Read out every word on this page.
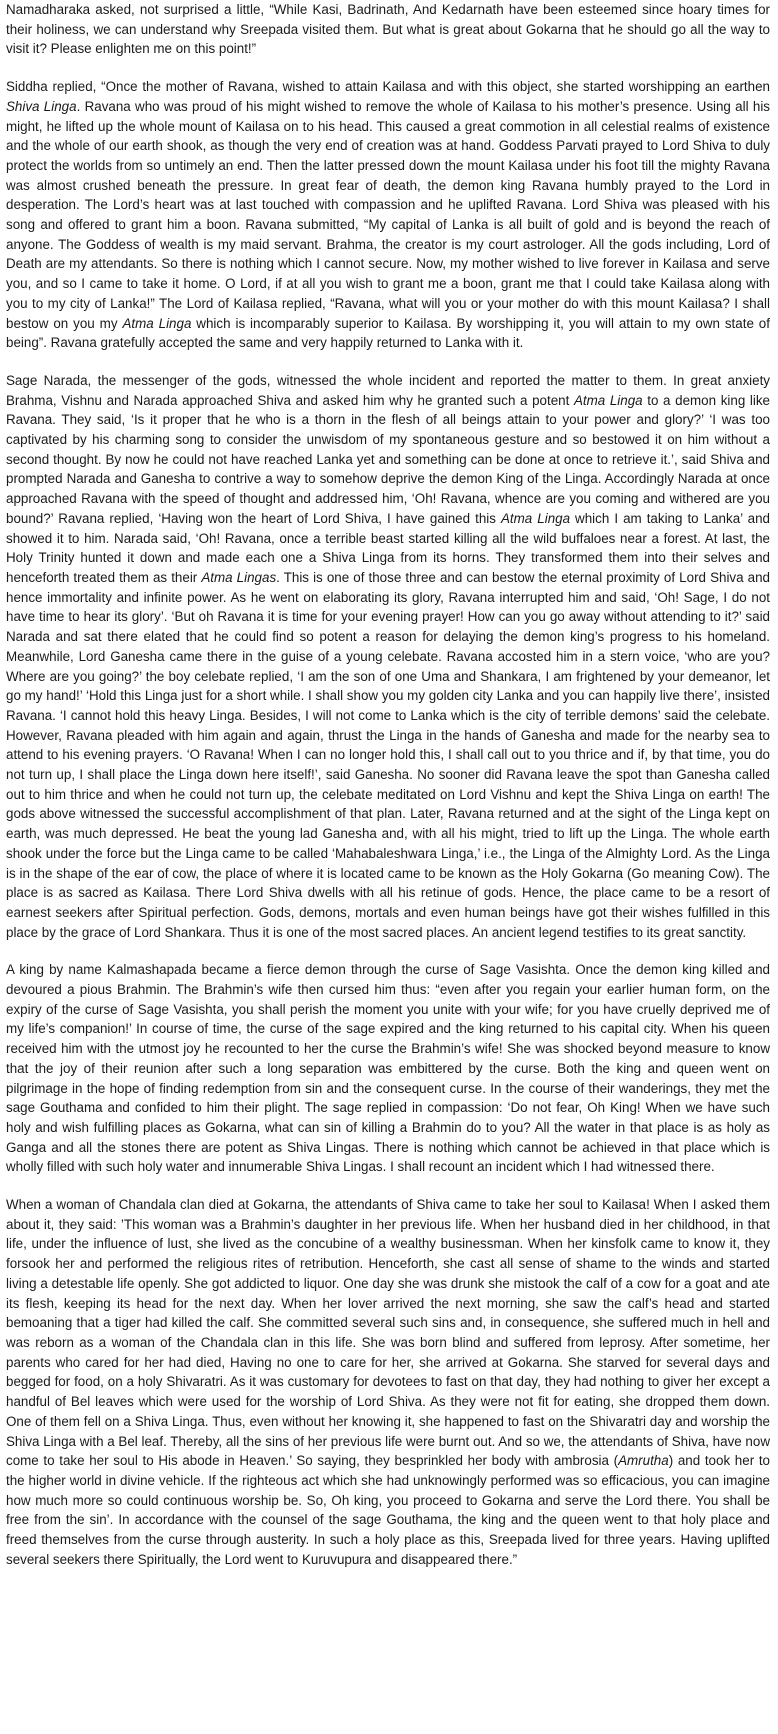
Namadharaka asked, not surprised a little, “While Kasi, Badrinath, And Kedarnath have been esteemed since hoary times for their holiness, we can understand why Sreepada visited them. But what is great about Gokarna that he should go all the way to visit it? Please enlighten me on this point!”

Siddha replied, “Once the mother of Ravana, wished to attain Kailasa and with this object, she started worshipping an earthen Shiva Linga. Ravana who was proud of his might wished to remove the whole of Kailasa to his mother’s presence. Using all his might, he lifted up the whole mount of Kailasa on to his head. This caused a great commotion in all celestial realms of existence and the whole of our earth shook, as though the very end of creation was at hand. Goddess Parvati prayed to Lord Shiva to duly protect the worlds from so untimely an end. Then the latter pressed down the mount Kailasa under his foot till the mighty Ravana was almost crushed beneath the pressure. In great fear of death, the demon king Ravana humbly prayed to the Lord in desperation. The Lord’s heart was at last touched with compassion and he uplifted Ravana. Lord Shiva was pleased with his song and offered to grant him a boon. Ravana submitted, “My capital of Lanka is all built of gold and is beyond the reach of anyone. The Goddess of wealth is my maid servant. Brahma, the creator is my court astrologer. All the gods including, Lord of Death are my attendants. So there is nothing which I cannot secure. Now, my mother wished to live forever in Kailasa and serve you, and so I came to take it home. O Lord, if at all you wish to grant me a boon, grant me that I could take Kailasa along with you to my city of Lanka!” The Lord of Kailasa replied, “Ravana, what will you or your mother do with this mount Kailasa? I shall bestow on you my Atma Linga which is incomparably superior to Kailasa. By worshipping it, you will attain to my own state of being”. Ravana gratefully accepted the same and very happily returned to Lanka with it.

Sage Narada, the messenger of the gods, witnessed the whole incident and reported the matter to them. In great anxiety Brahma, Vishnu and Narada approached Shiva and asked him why he granted such a potent Atma Linga to a demon king like Ravana. They said, ‘Is it proper that he who is a thorn in the flesh of all beings attain to your power and glory?’ ‘I was too captivated by his charming song to consider the unwisdom of my spontaneous gesture and so bestowed it on him without a second thought. By now he could not have reached Lanka yet and something can be done at once to retrieve it.’, said Shiva and prompted Narada and Ganesha to contrive a way to somehow deprive the demon King of the Linga. Accordingly Narada at once approached Ravana with the speed of thought and addressed him, ‘Oh! Ravana, whence are you coming and withered are you bound?’ Ravana replied, ‘Having won the heart of Lord Shiva, I have gained this Atma Linga which I am taking to Lanka’ and showed it to him. Narada said, ‘Oh! Ravana, once a terrible beast started killing all the wild buffaloes near a forest. At last, the Holy Trinity hunted it down and made each one a Shiva Linga from its horns. They transformed them into their selves and henceforth treated them as their Atma Lingas. This is one of those three and can bestow the eternal proximity of Lord Shiva and hence immortality and infinite power. As he went on elaborating its glory, Ravana interrupted him and said, ‘Oh! Sage, I do not have time to hear its glory’. ‘But oh Ravana it is time for your evening prayer! How can you go away without attending to it?’ said Narada and sat there elated that he could find so potent a reason for delaying the demon king’s progress to his homeland. Meanwhile, Lord Ganesha came there in the guise of a young celebate. Ravana accosted him in a stern voice, ‘who are you? Where are you going?’ the boy celebate replied, ‘I am the son of one Uma and Shankara, I am frightened by your demeanor, let go my hand!’ ‘Hold this Linga just for a short while. I shall show you my golden city Lanka and you can happily live there’, insisted Ravana. ‘I cannot hold this heavy Linga. Besides, I will not come to Lanka which is the city of terrible demons’ said the celebate. However, Ravana pleaded with him again and again, thrust the Linga in the hands of Ganesha and made for the nearby sea to attend to his evening prayers. ‘O Ravana! When I can no longer hold this, I shall call out to you thrice and if, by that time, you do not turn up, I shall place the Linga down here itself!’, said Ganesha. No sooner did Ravana leave the spot than Ganesha called out to him thrice and when he could not turn up, the celebate meditated on Lord Vishnu and kept the Shiva Linga on earth! The gods above witnessed the successful accomplishment of that plan. Later, Ravana returned and at the sight of the Linga kept on earth, was much depressed. He beat the young lad Ganesha and, with all his might, tried to lift up the Linga. The whole earth shook under the force but the Linga came to be called ‘Mahabaleshwara Linga,’ i.e., the Linga of the Almighty Lord. As the Linga is in the shape of the ear of cow, the place of where it is located came to be known as the Holy Gokarna (Go meaning Cow). The place is as sacred as Kailasa. There Lord Shiva dwells with all his retinue of gods. Hence, the place came to be a resort of earnest seekers after Spiritual perfection. Gods, demons, mortals and even human beings have got their wishes fulfilled in this place by the grace of Lord Shankara. Thus it is one of the most sacred places. An ancient legend testifies to its great sanctity.

A king by name Kalmashapada became a fierce demon through the curse of Sage Vasishta. Once the demon king killed and devoured a pious Brahmin. The Brahmin’s wife then cursed him thus: “even after you regain your earlier human form, on the expiry of the curse of Sage Vasishta, you shall perish the moment you unite with your wife; for you have cruelly deprived me of my life’s companion!’ In course of time, the curse of the sage expired and the king returned to his capital city. When his queen received him with the utmost joy he recounted to her the curse the Brahmin’s wife! She was shocked beyond measure to know that the joy of their reunion after such a long separation was embittered by the curse. Both the king and queen went on pilgrimage in the hope of finding redemption from sin and the consequent curse. In the course of their wanderings, they met the sage Gouthama and confided to him their plight. The sage replied in compassion: ‘Do not fear, Oh King! When we have such holy and wish fulfilling places as Gokarna, what can sin of killing a Brahmin do to you? All the water in that place is as holy as Ganga and all the stones there are potent as Shiva Lingas. There is nothing which cannot be achieved in that place which is wholly filled with such holy water and innumerable Shiva Lingas. I shall recount an incident which I had witnessed there.

When a woman of Chandala clan died at Gokarna, the attendants of Shiva came to take her soul to Kailasa! When I asked them about it, they said: ’This woman was a Brahmin’s daughter in her previous life. When her husband died in her childhood, in that life, under the influence of lust, she lived as the concubine of a wealthy businessman. When her kinsfolk came to know it, they forsook her and performed the religious rites of retribution. Henceforth, she cast all sense of shame to the winds and started living a detestable life openly. She got addicted to liquor. One day she was drunk she mistook the calf of a cow for a goat and ate its flesh, keeping its head for the next day. When her lover arrived the next morning, she saw the calf’s head and started bemoaning that a tiger had killed the calf. She committed several such sins and, in consequence, she suffered much in hell and was reborn as a woman of the Chandala clan in this life. She was born blind and suffered from leprosy. After sometime, her parents who cared for her had died, Having no one to care for her, she arrived at Gokarna. She starved for several days and begged for food, on a holy Shivaratri. As it was customary for devotees to fast on that day, they had nothing to giver her except a handful of Bel leaves which were used for the worship of Lord Shiva. As they were not fit for eating, she dropped them down. One of them fell on a Shiva Linga. Thus, even without her knowing it, she happened to fast on the Shivaratri day and worship the Shiva Linga with a Bel leaf. Thereby, all the sins of her previous life were burnt out. And so we, the attendants of Shiva, have now come to take her soul to His abode in Heaven.’ So saying, they besprinkled her body with ambrosia (Amrutha) and took her to the higher world in divine vehicle. If the righteous act which she had unknowingly performed was so efficacious, you can imagine how much more so could continuous worship be. So, Oh king, you proceed to Gokarna and serve the Lord there. You shall be free from the sin’. In accordance with the counsel of the sage Gouthama, the king and the queen went to that holy place and freed themselves from the curse through austerity. In such a holy place as this, Sreepada lived for three years. Having uplifted several seekers there Spiritually, the Lord went to Kuruvupura and disappeared there.”
